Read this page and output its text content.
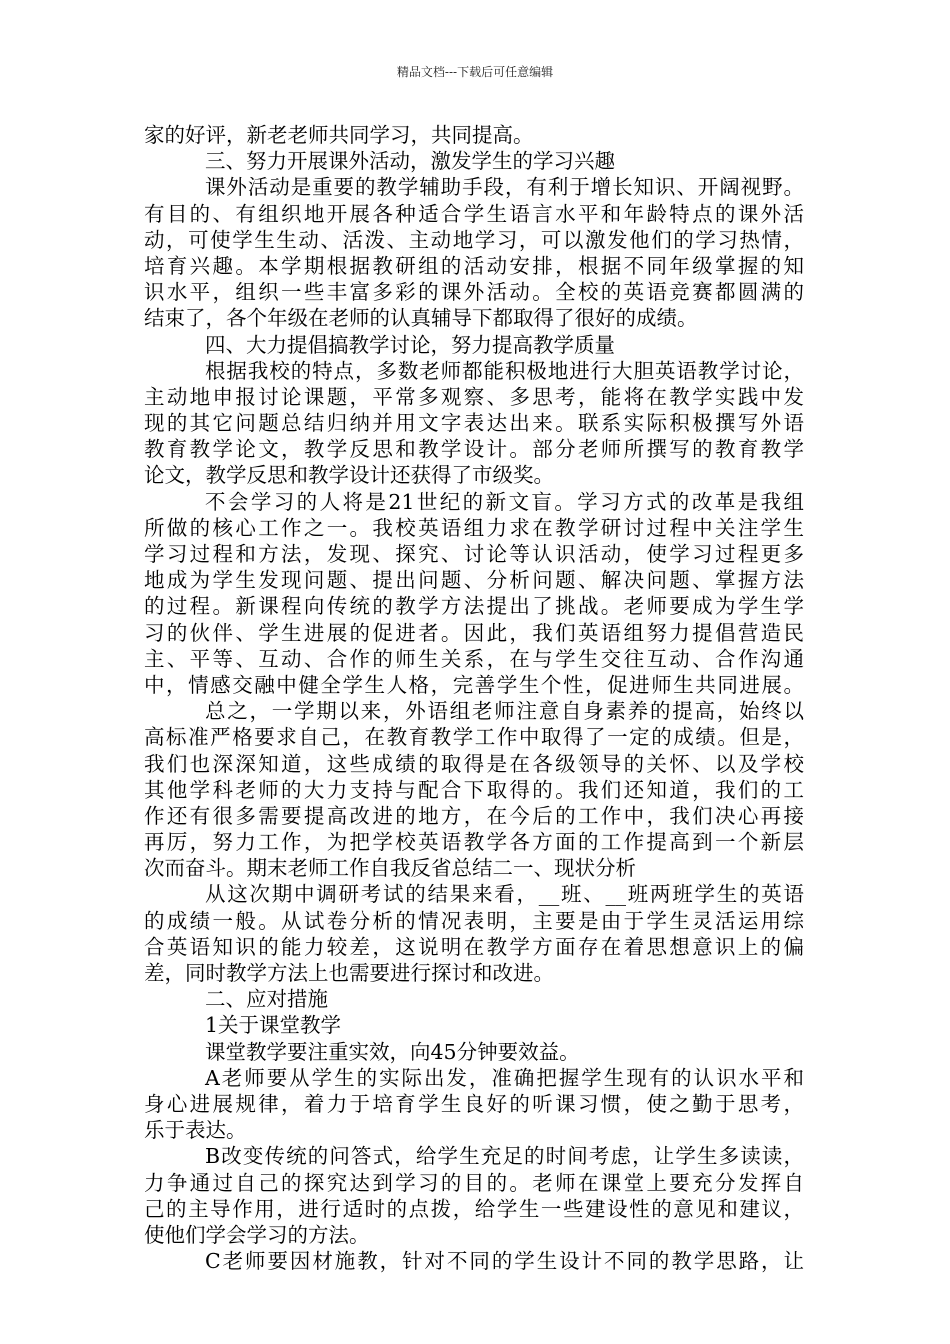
精品文档---下载后可任意编辑
家的好评，新老老师共同学习，共同提高。
三、努力开展课外活动，激发学生的学习兴趣
课外活动是重要的教学辅助手段，有利于增长知识、开阔视野。
有目的、有组织地开展各种适合学生语言水平和年龄特点的课外活
动，可使学生生动、活泼、主动地学习，可以激发他们的学习热情，
培育兴趣。本学期根据教研组的活动安排，根据不同年级掌握的知
识水平，组织一些丰富多彩的课外活动。全校的英语竞赛都圆满的
结束了，各个年级在老师的认真辅导下都取得了很好的成绩。
四、大力提倡搞教学讨论，努力提高教学质量
根据我校的特点，多数老师都能积极地进行大胆英语教学讨论，
主动地申报讨论课题，平常多观察、多思考，能将在教学实践中发
现的其它问题总结归纳并用文字表达出来。联系实际积极撰写外语
教育教学论文，教学反思和教学设计。部分老师所撰写的教育教学
论文，教学反思和教学设计还获得了市级奖。
不会学习的人将是21世纪的新文盲。学习方式的改革是我组
所做的核心工作之一。我校英语组力求在教学研讨过程中关注学生
学习过程和方法，发现、探究、讨论等认识活动，使学习过程更多
地成为学生发现问题、提出问题、分析问题、解决问题、掌握方法
的过程。新课程向传统的教学方法提出了挑战。老师要成为学生学
习的伙伴、学生进展的促进者。因此，我们英语组努力提倡营造民
主、平等、互动、合作的师生关系，在与学生交往互动、合作沟通
中，情感交融中健全学生人格，完善学生个性，促进师生共同进展。
总之，一学期以来，外语组老师注意自身素养的提高，始终以
高标准严格要求自己，在教育教学工作中取得了一定的成绩。但是，
我们也深深知道，这些成绩的取得是在各级领导的关怀、以及学校
其他学科老师的大力支持与配合下取得的。我们还知道，我们的工
作还有很多需要提高改进的地方，在今后的工作中，我们决心再接
再厉，努力工作，为把学校英语教学各方面的工作提高到一个新层
次而奋斗。期末老师工作自我反省总结二一、现状分析
从这次期中调研考试的结果来看，__班、__班两班学生的英语
的成绩一般。从试卷分析的情况表明，主要是由于学生灵活运用综
合英语知识的能力较差，这说明在教学方面存在着思想意识上的偏
差，同时教学方法上也需要进行探讨和改进。
二、应对措施
1关于课堂教学
课堂教学要注重实效，向45分钟要效益。
A老师要从学生的实际出发，准确把握学生现有的认识水平和
身心进展规律，着力于培育学生良好的听课习惯，使之勤于思考，
乐于表达。
B改变传统的问答式，给学生充足的时间考虑，让学生多读读，
力争通过自己的探究达到学习的目的。老师在课堂上要充分发挥自
己的主导作用，进行适时的点拨，给学生一些建设性的意见和建议，
使他们学会学习的方法。
C老师要因材施教，针对不同的学生设计不同的教学思路，让
